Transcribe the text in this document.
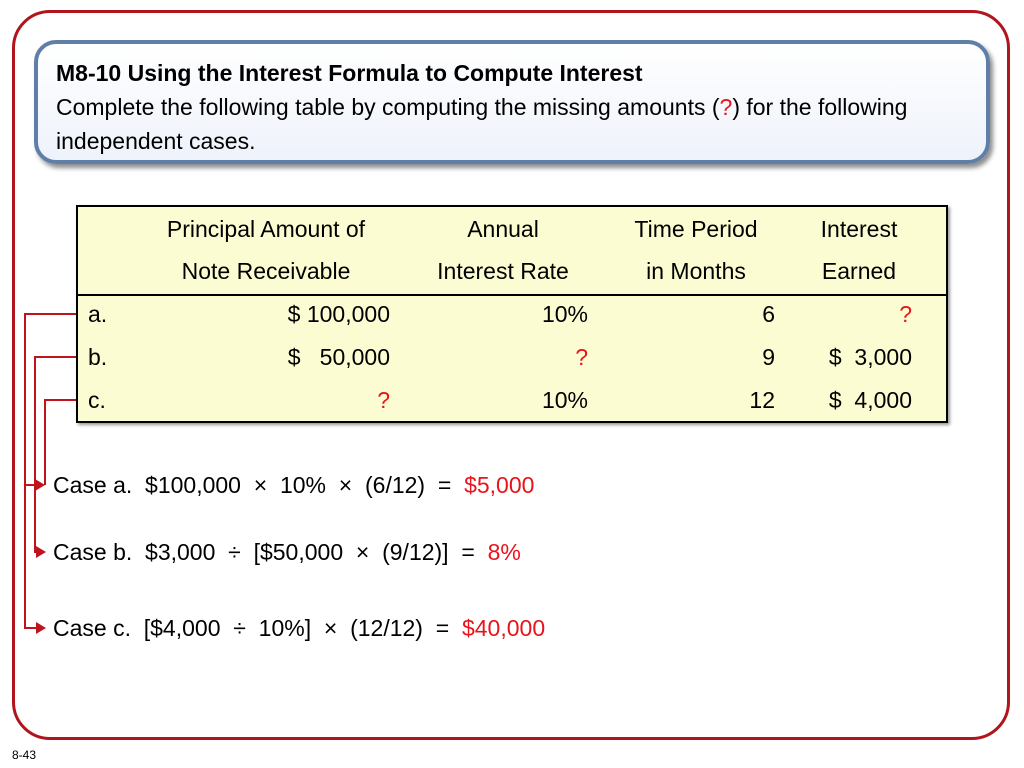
M8-10 Using the Interest Formula to Compute Interest
Complete the following table by computing the missing amounts (?) for the following independent cases.
Principal Amount of
Note Receivable
Annual
Interest Rate
Time Period
in Months
Interest
Earned
a.	$ 100,000	10%	6	?
b.	$   50,000	?	9	$  3,000
c.	?	10%	12	$  4,000
Case a.  $100,000  ×  10%  ×  (6/12)  =  $5,000
Case b.  $3,000  ÷  [$50,000  ×  (9/12)]  =  8%
Case c.  [$4,000  ÷  10%]  ×  (12/12)  =  $40,000
8-43
